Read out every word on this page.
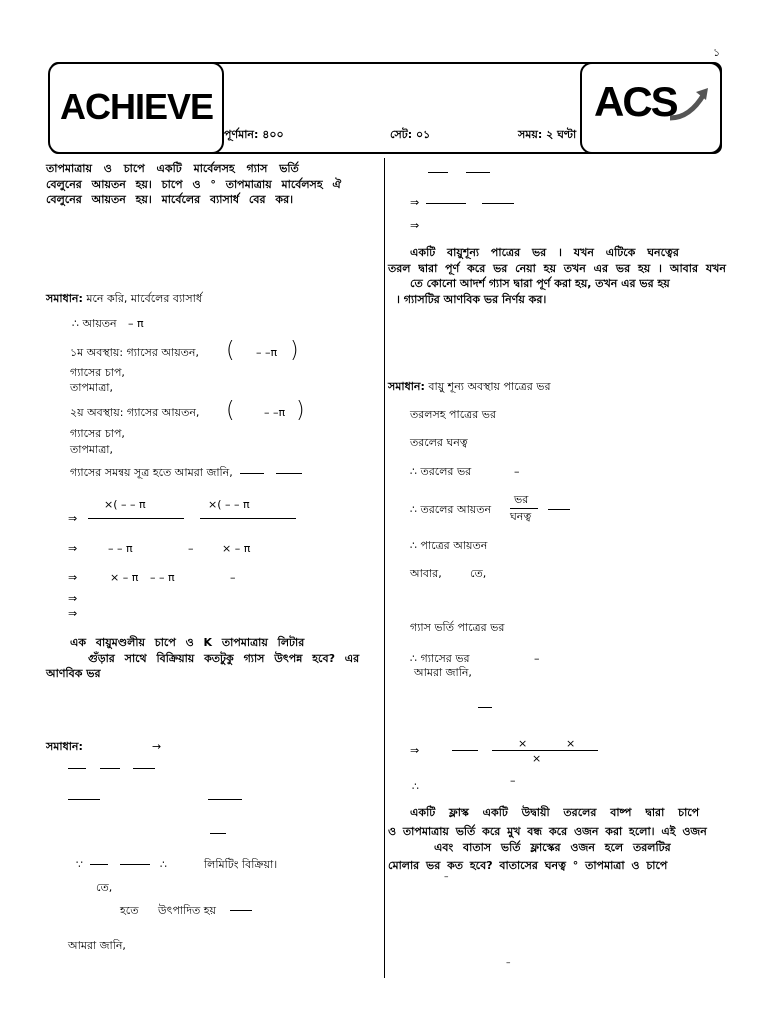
১
ACHIEVE	ACS
পূর্ণমান: ৪০০	সেট: ০১	সময়: ২ ঘণ্টা
তাপমাত্রায় ও চাপে একটি মার্বেলসহ গ্যাস ভর্তি
বেলুনের আয়তন হয়। চাপে ও ° তাপমাত্রায় মার্বেলসহ ঐ
বেলুনের আয়তন হয়। মার্বেলের ব্যাসার্ধ বের কর।
সমাধান: মনে করি, মার্বেলের ব্যাসার্ধ
∴ আয়তন – π
১ম অবস্থায়: গ্যাসের আয়তন, ( – –π )
গ্যাসের চাপ,
তাপমাত্রা,
২য় অবস্থায়: গ্যাসের আয়তন, (	– –π )
গ্যাসের চাপ,
তাপমাত্রা,
গ্যাসের সমন্বয় সূত্র হতে আমরা জানি,
×( – – π	×( – – π
⇒
⇒	– – π	–	× – π
⇒	× – π – – π	–
⇒
⇒
এক বায়ুমণ্ডলীয় চাপে ও K তাপমাত্রায় লিটার
গুঁড়ার সাথে বিক্রিয়ায় কতটুকু গ্যাস উৎপন্ন হবে? এর
আণবিক ভর
সমাধান:	→
∵	∴	লিমিটিং বিক্রিয়া।
তে,
হতে উৎপাদিত হয়
আমরা জানি,
⇒
⇒
একটি বায়ুশূন্য পাত্রের ভর । যখন এটিকে ঘনত্বের
তরল দ্বারা পূর্ণ করে ভর নেয়া হয় তখন এর ভর হয় । আবার যখন
তে কোনো আদর্শ গ্যাস দ্বারা পূর্ণ করা হয়, তখন এর ভর হয়
। গ্যাসটির আণবিক ভর নির্ণয় কর।
সমাধান: বায়ু শূন্য অবস্থায় পাত্রের ভর
তরলসহ পাত্রের ভর
তরলের ঘনত্ব
∴ তরলের ভর	–
∴ তরলের আয়তন
ভর
ঘনত্ব
∴ পাত্রের আয়তন
আবার,	তে,
গ্যাস ভর্তি পাত্রের ভর
∴ গ্যাসের ভর	–
আমরা জানি,
×	×
⇒
×
–
∴
একটি ফ্লাস্ক একটি উদ্বায়ী তরলের বাষ্প দ্বারা চাপে
ও তাপমাত্রায় ভর্তি করে মুখ বন্ধ করে ওজন করা হলো। এই ওজন
এবং বাতাস ভর্তি ফ্লাস্কের ওজন হলে তরলটির
মোলার ভর কত হবে? বাতাসের ঘনত্ব ° তাপমাত্রা ও চাপে
–
–
